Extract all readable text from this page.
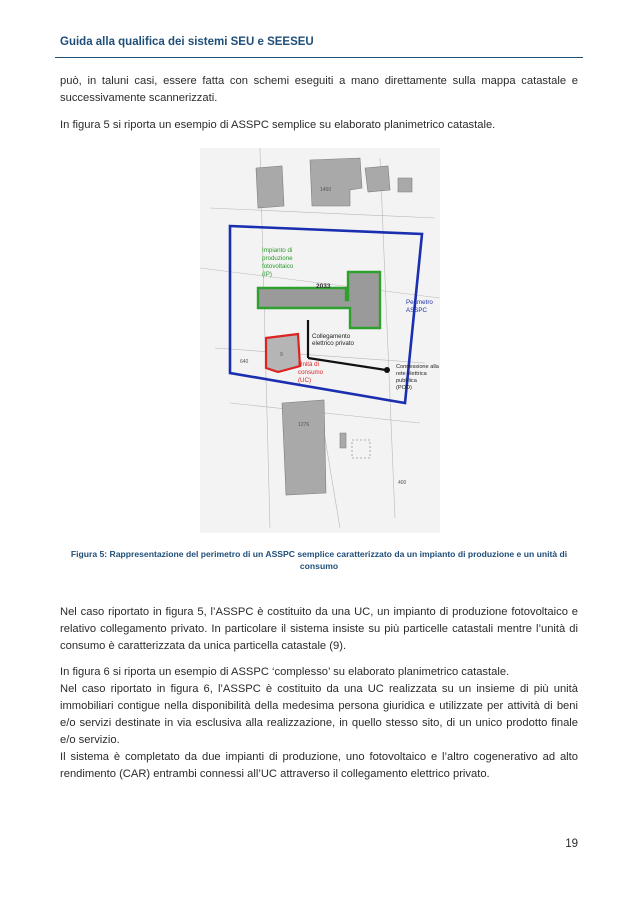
Guida alla qualifica dei sistemi SEU e SEESEU

può, in taluni casi, essere fatta con schemi eseguiti a mano direttamente sulla mappa catastale e successivamente scannerizzati.

In figura 5 si riporta un esempio di ASSPC semplice su elaborato planimetrico catastale.

Impianto di
produzione
fotovoltaico
(IP)
Perimetro
ASSPC
Collegamento
elettrico privato
Unità di
consumo
(UC)
Connessione alla
rete elettrica
pubblica
(POD)
2033
1450
1276
400
9
640
Figura 5: Rappresentazione del perimetro di un ASSPC semplice caratterizzato da un impianto di produzione e un unità di
consumo

Nel caso riportato in figura 5, l’ASSPC è costituito da una UC, un impianto di produzione fotovoltaico e relativo collegamento privato. In particolare il sistema insiste su più particelle catastali mentre l’unità di consumo è caratterizzata da unica particella catastale (9).

In figura 6 si riporta un esempio di ASSPC ‘complesso’ su elaborato planimetrico catastale.

Nel caso riportato in figura 6, l’ASSPC è costituito da una UC realizzata su un insieme di più unità immobiliari contigue nella disponibilità della medesima persona giuridica e utilizzate per attività di beni e/o servizi destinate in via esclusiva alla realizzazione, in quello stesso sito, di un unico prodotto finale e/o servizio.

Il sistema è completato da due impianti di produzione, uno fotovoltaico e l’altro cogenerativo ad alto rendimento (CAR) entrambi connessi all’UC attraverso il collegamento elettrico privato.

19
